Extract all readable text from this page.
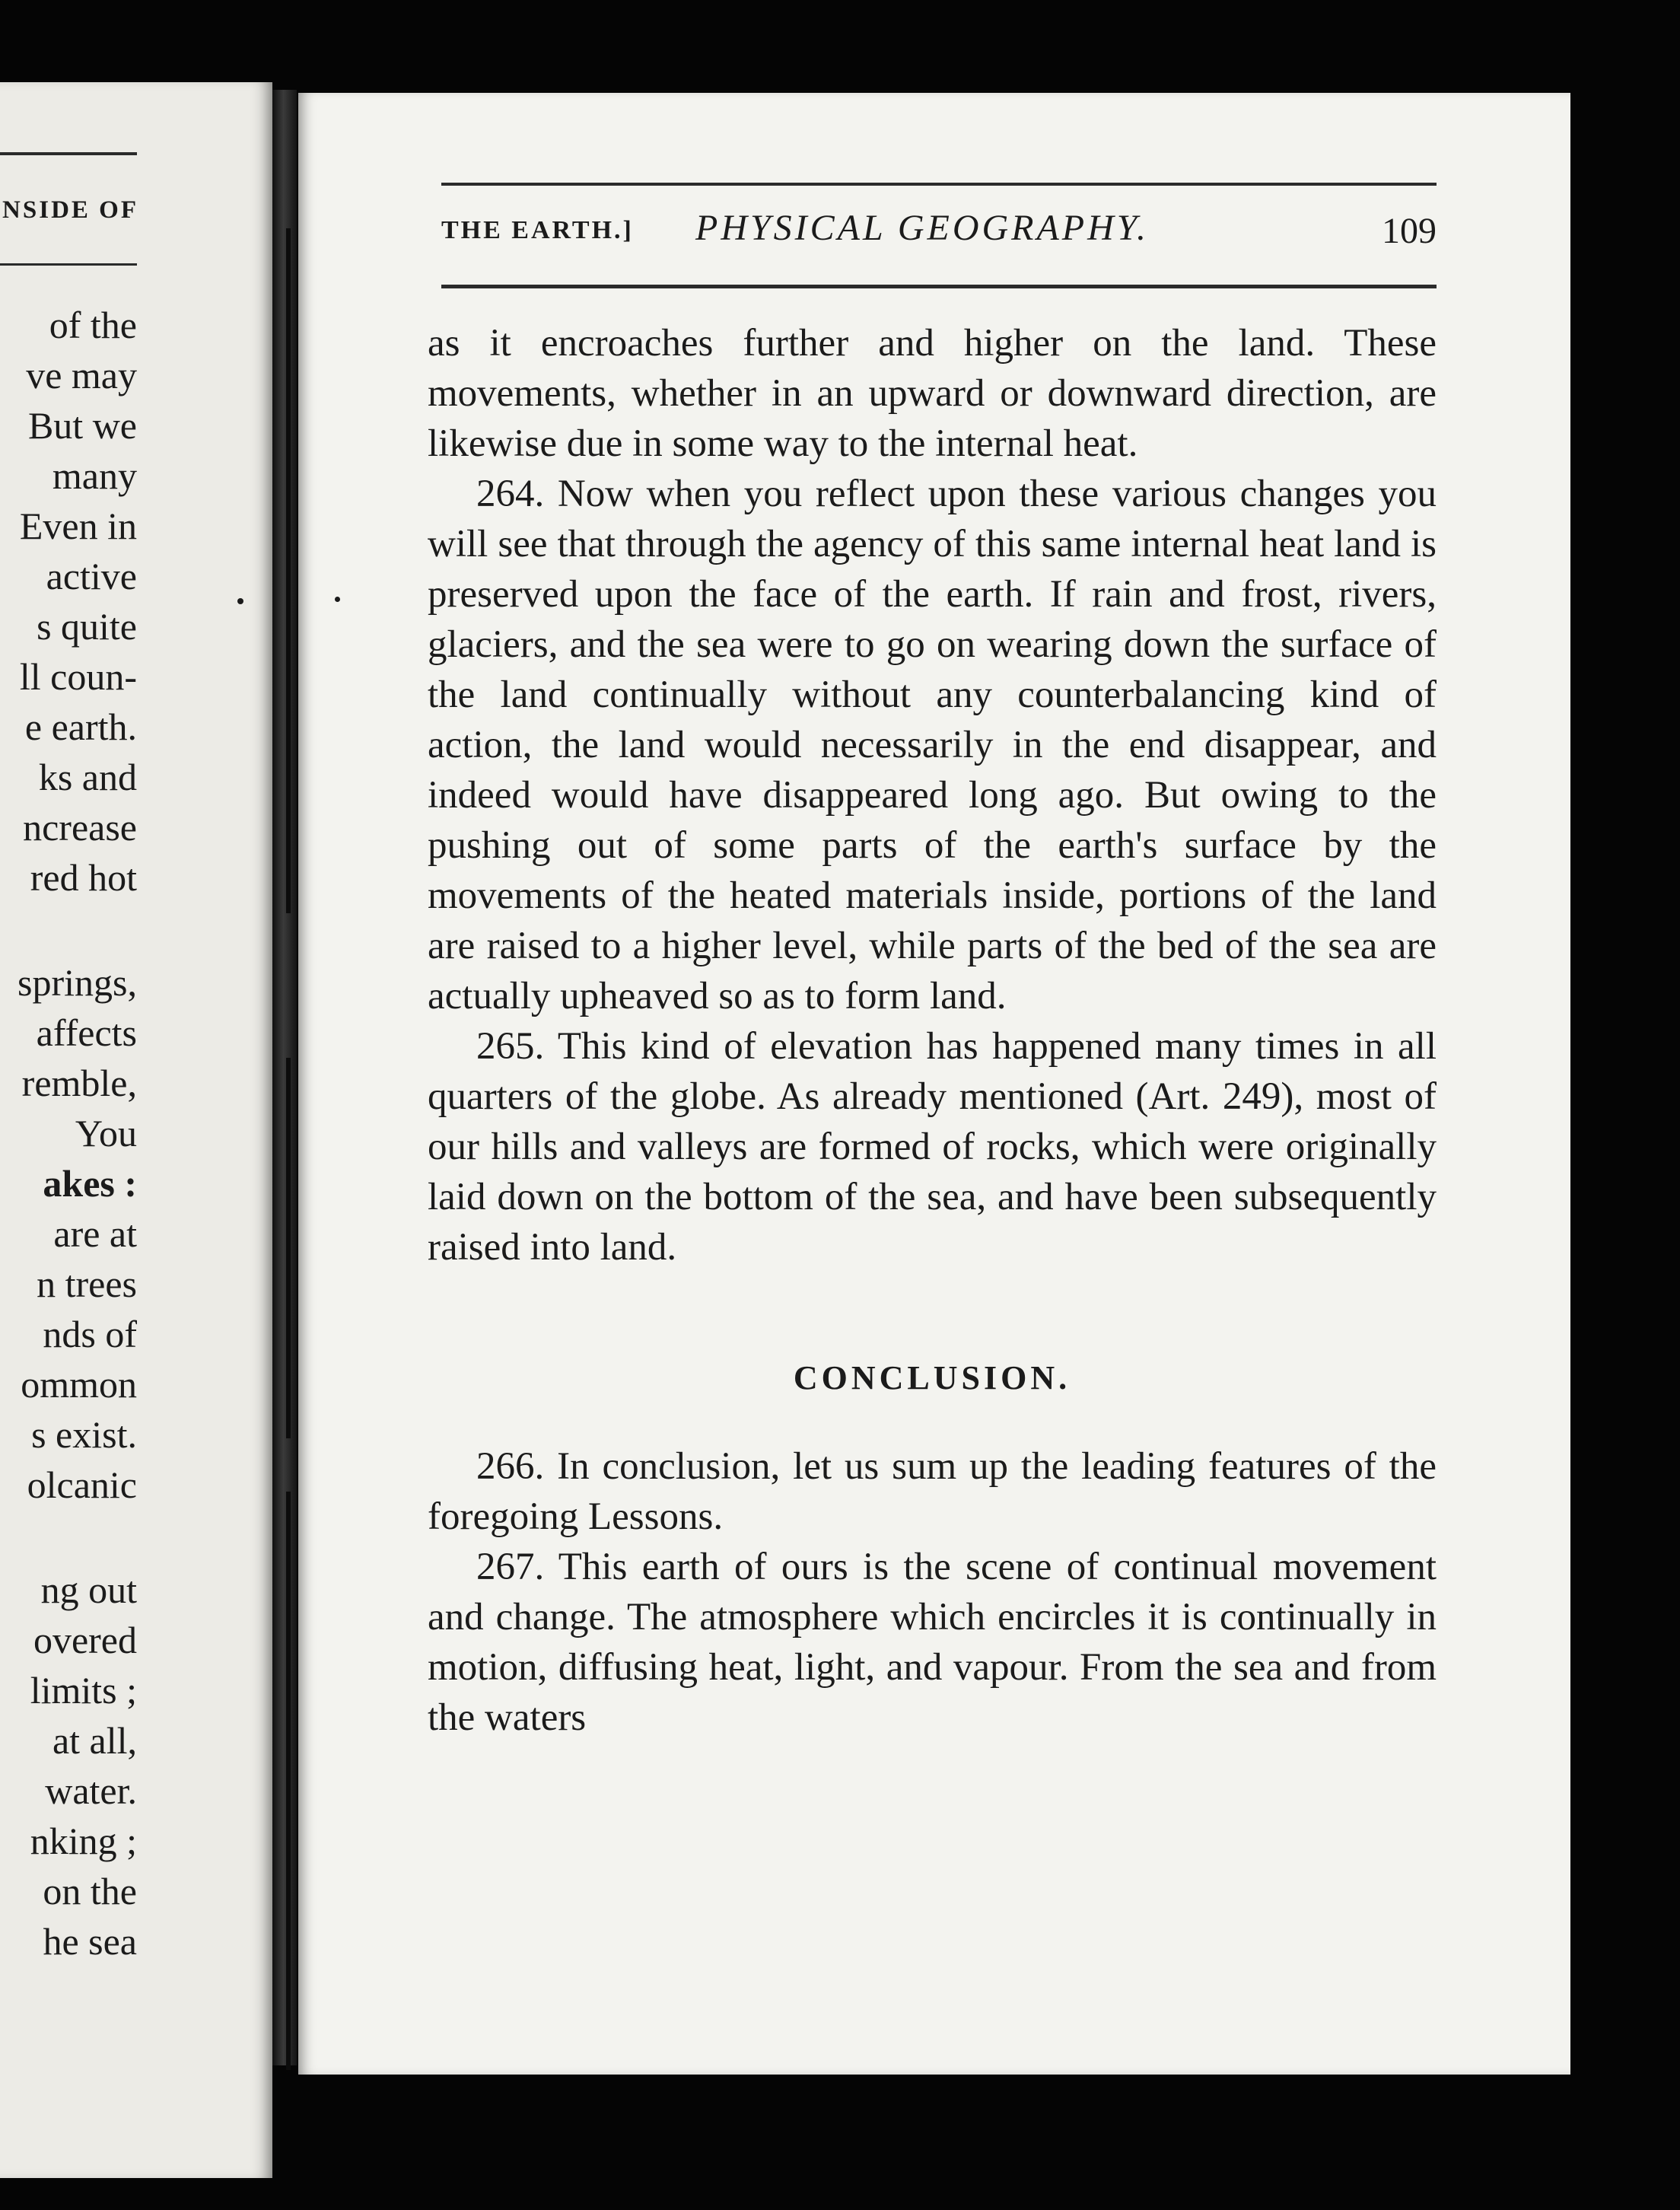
NSIDE OF
of the
ve may
But we
many
Even in
active
s quite
ll coun-
e earth.
ks and
ncrease
red hot
springs,
affects
remble,
You
akes :
are at
n trees
nds of
ommon
s exist.
olcanic
ng out
overed
limits ;
at all,
water.
nking ;
on the
he sea
THE EARTH.] PHYSICAL GEOGRAPHY.	109

as it encroaches further and higher on the land. These movements, whether in an upward or downward direction, are likewise due in some way to the internal heat.

264. Now when you reflect upon these various changes you will see that through the agency of this same internal heat land is preserved upon the face of the earth. If rain and frost, rivers, glaciers, and the sea were to go on wearing down the surface of the land continually without any counterbalancing kind of action, the land would necessarily in the end disappear, and indeed would have disappeared long ago. But owing to the pushing out of some parts of the earth's surface by the movements of the heated materials inside, portions of the land are raised to a higher level, while parts of the bed of the sea are actually upheaved so as to form land.

265. This kind of elevation has happened many times in all quarters of the globe. As already mentioned (Art. 249), most of our hills and valleys are formed of rocks, which were originally laid down on the bottom of the sea, and have been subsequently raised into land.

CONCLUSION.

266. In conclusion, let us sum up the leading features of the foregoing Lessons.

267. This earth of ours is the scene of continual movement and change. The atmosphere which encircles it is continually in motion, diffusing heat, light, and vapour. From the sea and from the waters
